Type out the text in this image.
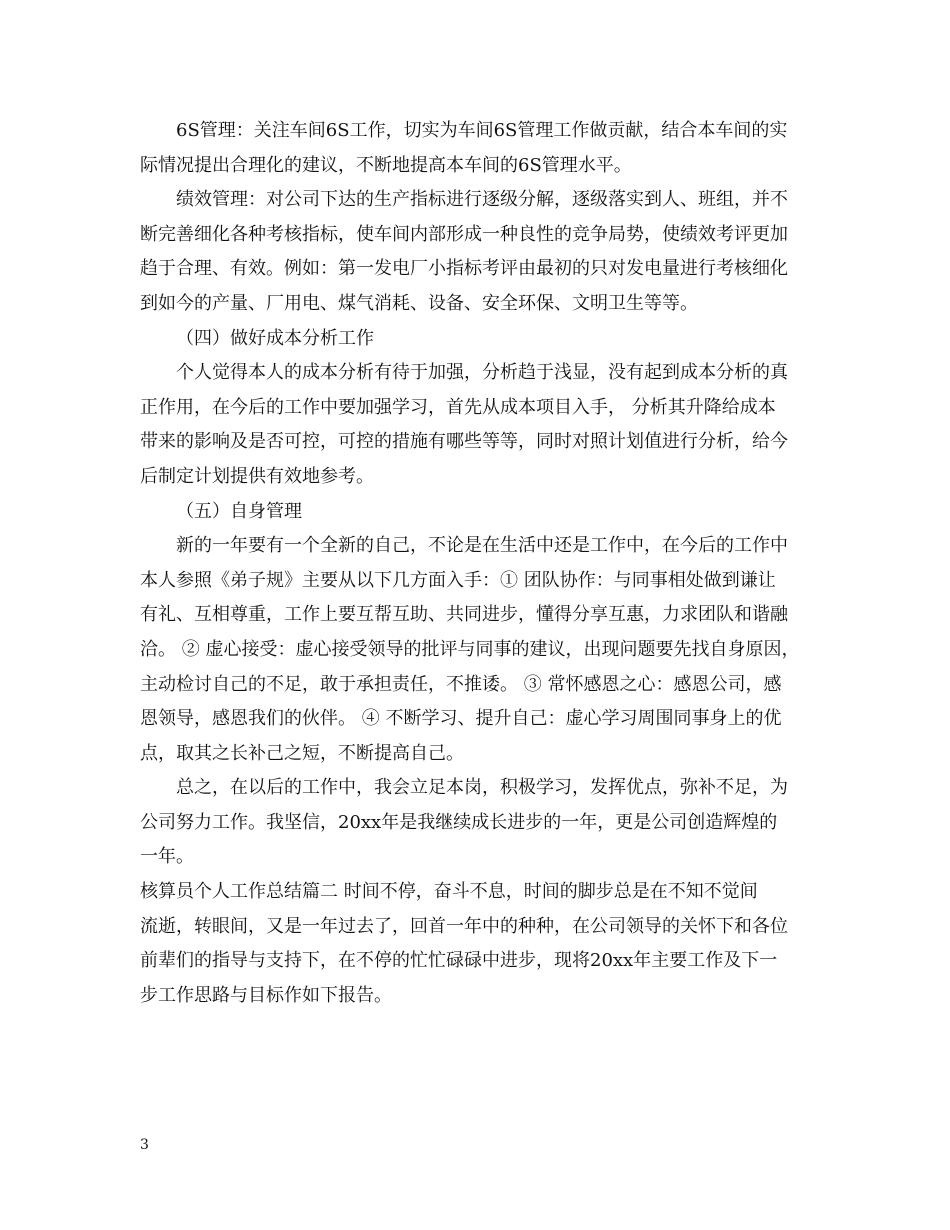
6S管理：关注车间6S工作，切实为车间6S管理工作做贡献，结合本车间的实
际情况提出合理化的建议，不断地提高本车间的6S管理水平。
绩效管理：对公司下达的生产指标进行逐级分解，逐级落实到人、班组，并不
断完善细化各种考核指标，使车间内部形成一种良性的竞争局势，使绩效考评更加
趋于合理、有效。例如：第一发电厂小指标考评由最初的只对发电量进行考核细化
到如今的产量、厂用电、煤气消耗、设备、安全环保、文明卫生等等。
（四）做好成本分析工作
个人觉得本人的成本分析有待于加强，分析趋于浅显，没有起到成本分析的真
正作用，在今后的工作中要加强学习，首先从成本项目入手， 分析其升降给成本
带来的影响及是否可控，可控的措施有哪些等等，同时对照计划值进行分析，给今
后制定计划提供有效地参考。
（五）自身管理
新的一年要有一个全新的自己，不论是在生活中还是工作中，在今后的工作中
本人参照《弟子规》主要从以下几方面入手：① 团队协作：与同事相处做到谦让
有礼、互相尊重，工作上要互帮互助、共同进步，懂得分享互惠，力求团队和谐融
洽。 ② 虚心接受：虚心接受领导的批评与同事的建议，出现问题要先找自身原因，
主动检讨自己的不足，敢于承担责任，不推诿。 ③ 常怀感恩之心：感恩公司，感
恩领导，感恩我们的伙伴。 ④ 不断学习、提升自己：虚心学习周围同事身上的优
点，取其之长补己之短，不断提高自己。
总之，在以后的工作中，我会立足本岗，积极学习，发挥优点，弥补不足，为
公司努力工作。我坚信，20xx年是我继续成长进步的一年，更是公司创造辉煌的
一年。
核算员个人工作总结篇二 时间不停，奋斗不息，时间的脚步总是在不知不觉间
流逝，转眼间，又是一年过去了，回首一年中的种种，在公司领导的关怀下和各位
前辈们的指导与支持下，在不停的忙忙碌碌中进步，现将20xx年主要工作及下一
步工作思路与目标作如下报告。
3
